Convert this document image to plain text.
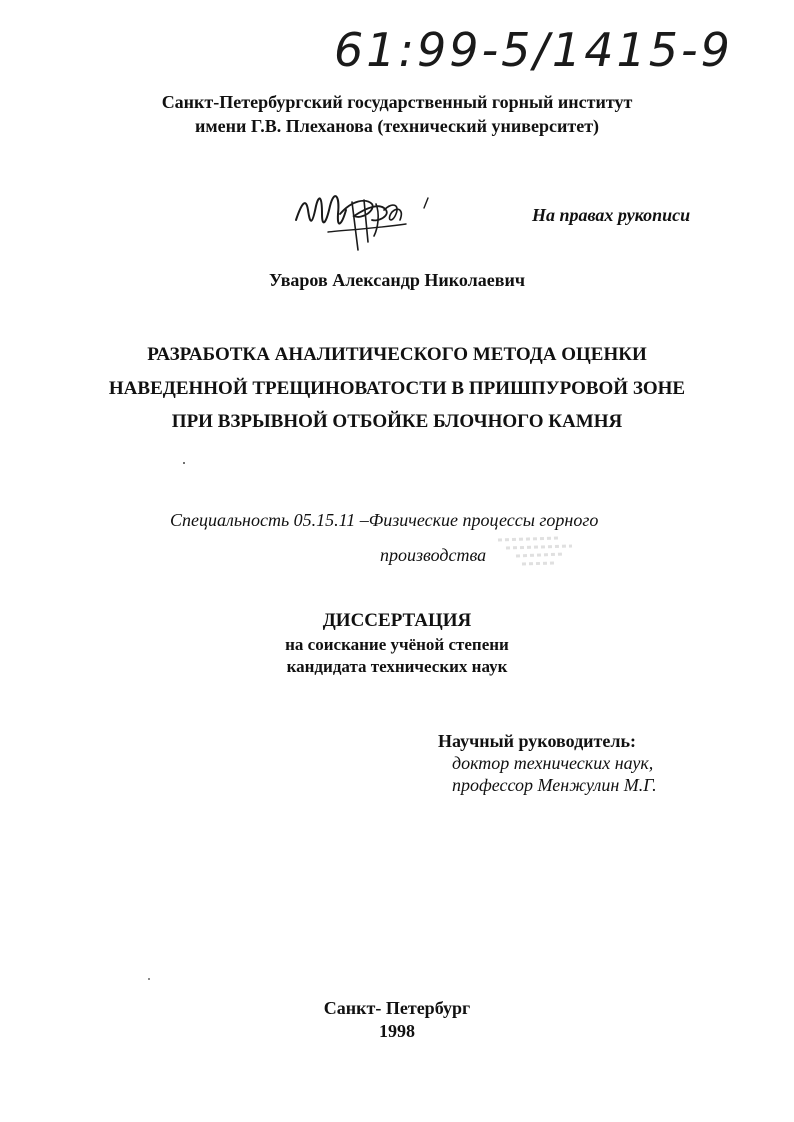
61:99-5/1415-9
Санкт-Петербургский государственный горный институт
имени Г.В. Плеханова (технический университет)
На правах рукописи
Уваров Александр Николаевич
РАЗРАБОТКА АНАЛИТИЧЕСКОГО МЕТОДА ОЦЕНКИ
НАВЕДЕННОЙ ТРЕЩИНОВАТОСТИ В ПРИШПУРОВОЙ ЗОНЕ
ПРИ ВЗРЫВНОЙ ОТБОЙКЕ БЛОЧНОГО КАМНЯ
Специальность 05.15.11 –Физические процессы горного
производства
ДИССЕРТАЦИЯ
на соискание учёной степени
кандидата технических наук
Научный руководитель:
доктор технических наук,
профессор Менжулин М.Г.
Санкт- Петербург
1998
